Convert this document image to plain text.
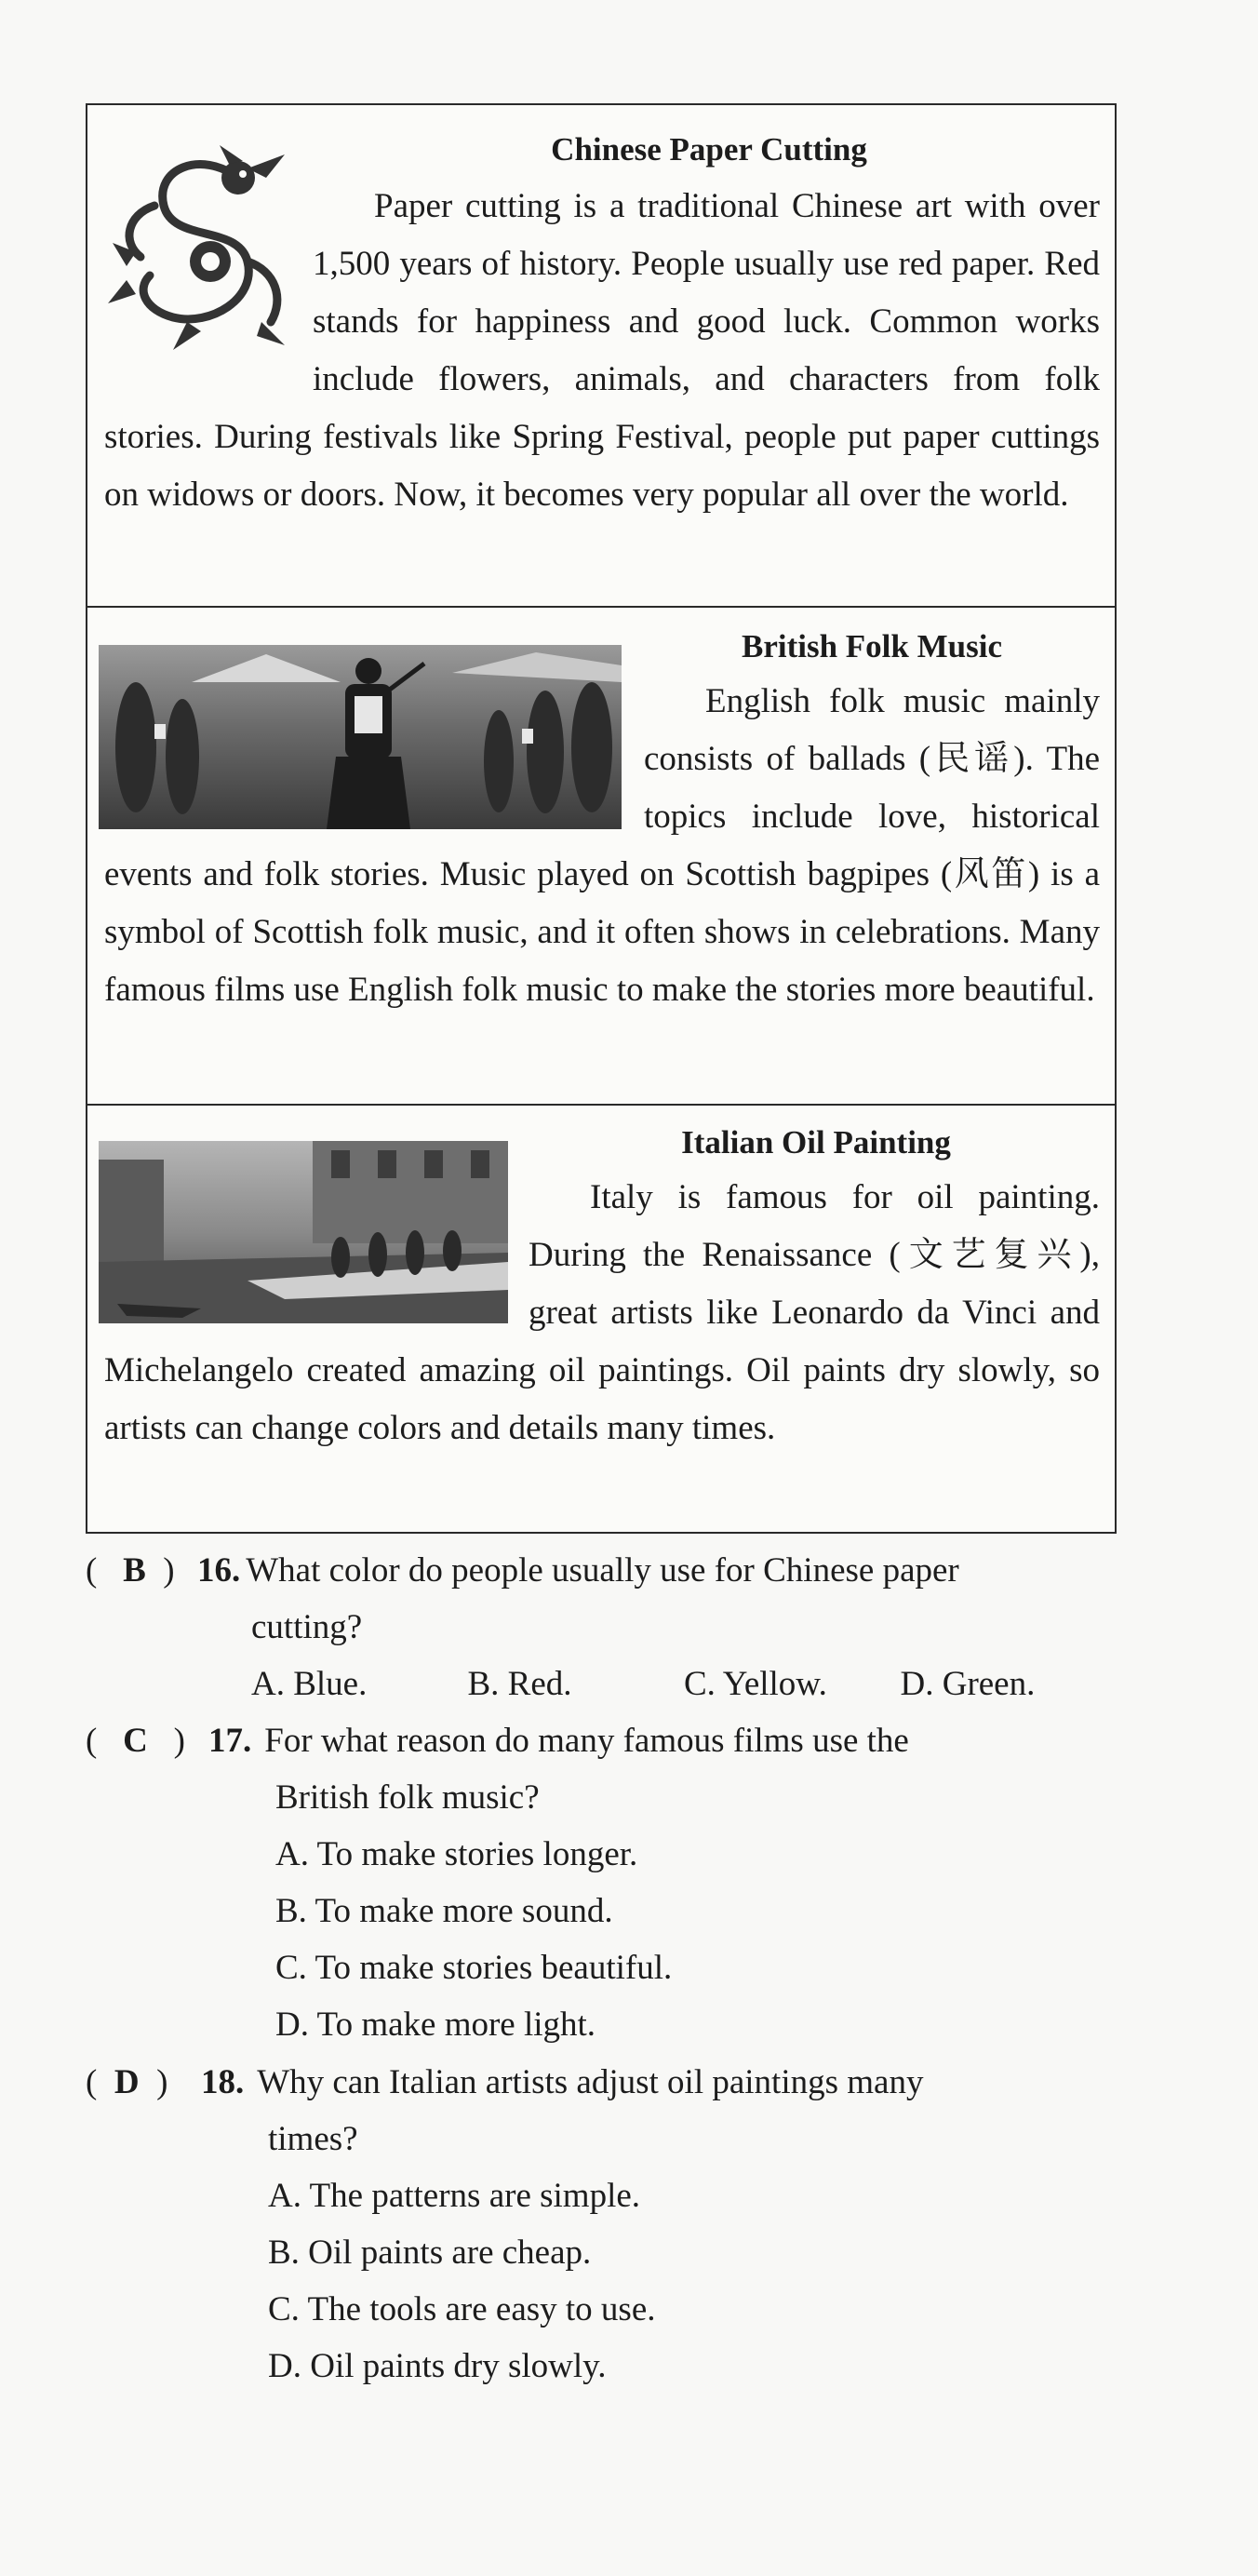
Chinese Paper Cutting
Paper cutting is a traditional Chinese art with over 1,500 years of history. People usually use red paper. Red stands for happiness and good luck. Common works include flowers, animals, and characters from folk stories. During festivals like Spring Festival, people put paper cuttings on widows or doors. Now, it becomes very popular all over the world.
British Folk Music
English folk music mainly consists of ballads (民谣). The topics include love, historical events and folk stories. Music played on Scottish bagpipes (风笛) is a symbol of Scottish folk music, and it often shows in celebrations. Many famous films use English folk music to make the stories more beautiful.
Italian Oil Painting
Italy is famous for oil painting. During the Renaissance (文艺复兴), great artists like Leonardo da Vinci and Michelangelo created amazing oil paintings. Oil paints dry slowly, so artists can change colors and details many times.
(   B  ) 16. What color do people usually use for Chinese paper
cutting?
A. Blue.	B. Red.	C. Yellow.	D. Green.
(   C   ) 17. For what reason do many famous films use the
British folk music?
A. To make stories longer.
B. To make more sound.
C. To make stories beautiful.
D. To make more light.
(  D  ) 18. Why can Italian artists adjust oil paintings many
times?
A. The patterns are simple.
B. Oil paints are cheap.
C. The tools are easy to use.
D. Oil paints dry slowly.
